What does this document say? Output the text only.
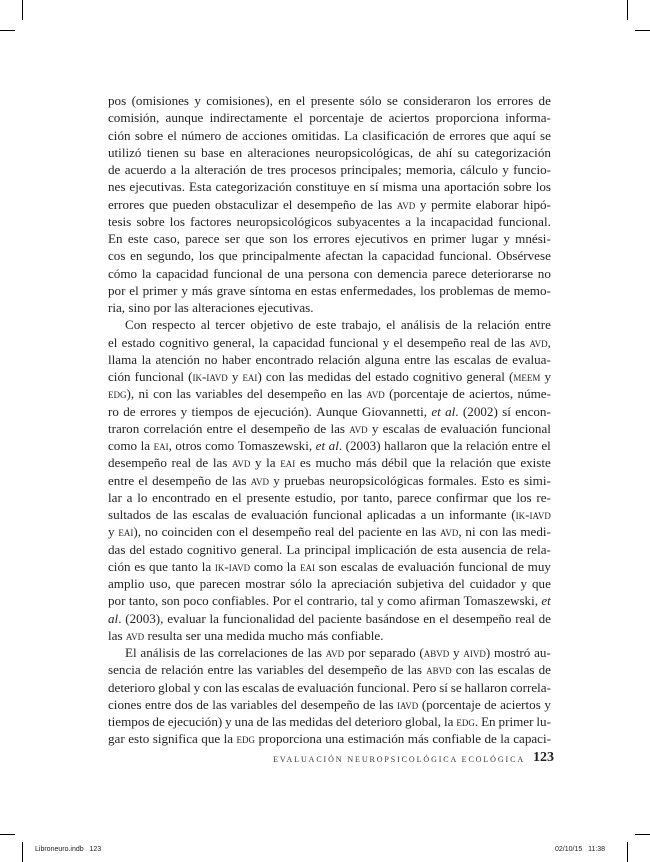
pos (omisiones y comisiones), en el presente sólo se consideraron los errores de
comisión, aunque indirectamente el porcentaje de aciertos proporciona informa-
ción sobre el número de acciones omitidas. La clasificación de errores que aquí se
utilizó tienen su base en alteraciones neuropsicológicas, de ahí su categorización
de acuerdo a la alteración de tres procesos principales; memoria, cálculo y funcio-
nes ejecutivas. Esta categorización constituye en sí misma una aportación sobre los
errores que pueden obstaculizar el desempeño de las avd y permite elaborar hipó-
tesis sobre los factores neuropsicológicos subyacentes a la incapacidad funcional.
En este caso, parece ser que son los errores ejecutivos en primer lugar y mnési-
cos en segundo, los que principalmente afectan la capacidad funcional. Obsérvese
cómo la capacidad funcional de una persona con demencia parece deteriorarse no
por el primer y más grave síntoma en estas enfermedades, los problemas de memo-
ria, sino por las alteraciones ejecutivas.
Con respecto al tercer objetivo de este trabajo, el análisis de la relación entre
el estado cognitivo general, la capacidad funcional y el desempeño real de las avd,
llama la atención no haber encontrado relación alguna entre las escalas de evalua-
ción funcional (ik-iavd y eai) con las medidas del estado cognitivo general (meem y
edg), ni con las variables del desempeño en las avd (porcentaje de aciertos, núme-
ro de errores y tiempos de ejecución). Aunque Giovannetti, et al. (2002) sí encon-
traron correlación entre el desempeño de las avd y escalas de evaluación funcional
como la eai, otros como Tomaszewski, et al. (2003) hallaron que la relación entre el
desempeño real de las avd y la eai es mucho más débil que la relación que existe
entre el desempeño de las avd y pruebas neuropsicológicas formales. Esto es simi-
lar a lo encontrado en el presente estudio, por tanto, parece confirmar que los re-
sultados de las escalas de evaluación funcional aplicadas a un informante (ik-iavd
y eai), no coinciden con el desempeño real del paciente en las avd, ni con las medi-
das del estado cognitivo general. La principal implicación de esta ausencia de rela-
ción es que tanto la ik-iavd como la eai son escalas de evaluación funcional de muy
amplio uso, que parecen mostrar sólo la apreciación subjetiva del cuidador y que
por tanto, son poco confiables. Por el contrario, tal y como afirman Tomaszewski, et
al. (2003), evaluar la funcionalidad del paciente basándose en el desempeño real de
las avd resulta ser una medida mucho más confiable.
El análisis de las correlaciones de las avd por separado (abvd y aivd) mostró au-
sencia de relación entre las variables del desempeño de las abvd con las escalas de
deterioro global y con las escalas de evaluación funcional. Pero sí se hallaron correla-
ciones entre dos de las variables del desempeño de las iavd (porcentaje de aciertos y
tiempos de ejecución) y una de las medidas del deterioro global, la edg. En primer lu-
gar esto significa que la edg proporciona una estimación más confiable de la capaci-
EVALUACIÓN NEUROPSICOLÓGICA ECOLÓGICA 123
Libroneuro.indb   123	02/10/15   11:38
